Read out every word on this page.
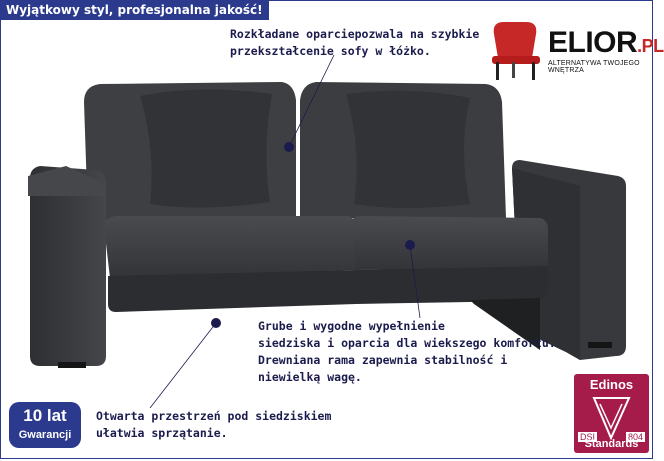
Wyjątkowy styl, profesjonalna jakość!
ELIOR.PL
ALTERNATYWA TWOJEGO WNĘTRZA
Rozkładane oparciepozwala na szybkie
przekształcenie sofy w łóżko.
Grube i wygodne wypełnienie
siedziska i oparcia dla wiekszego komfortu.
Drewniana rama zapewnia stabilność i
niewielką wagę.
Otwarta przestrzeń pod siedziskiem
ułatwia sprzątanie.
10 lat
Gwarancji
Edinos
DSI	804
Standards
